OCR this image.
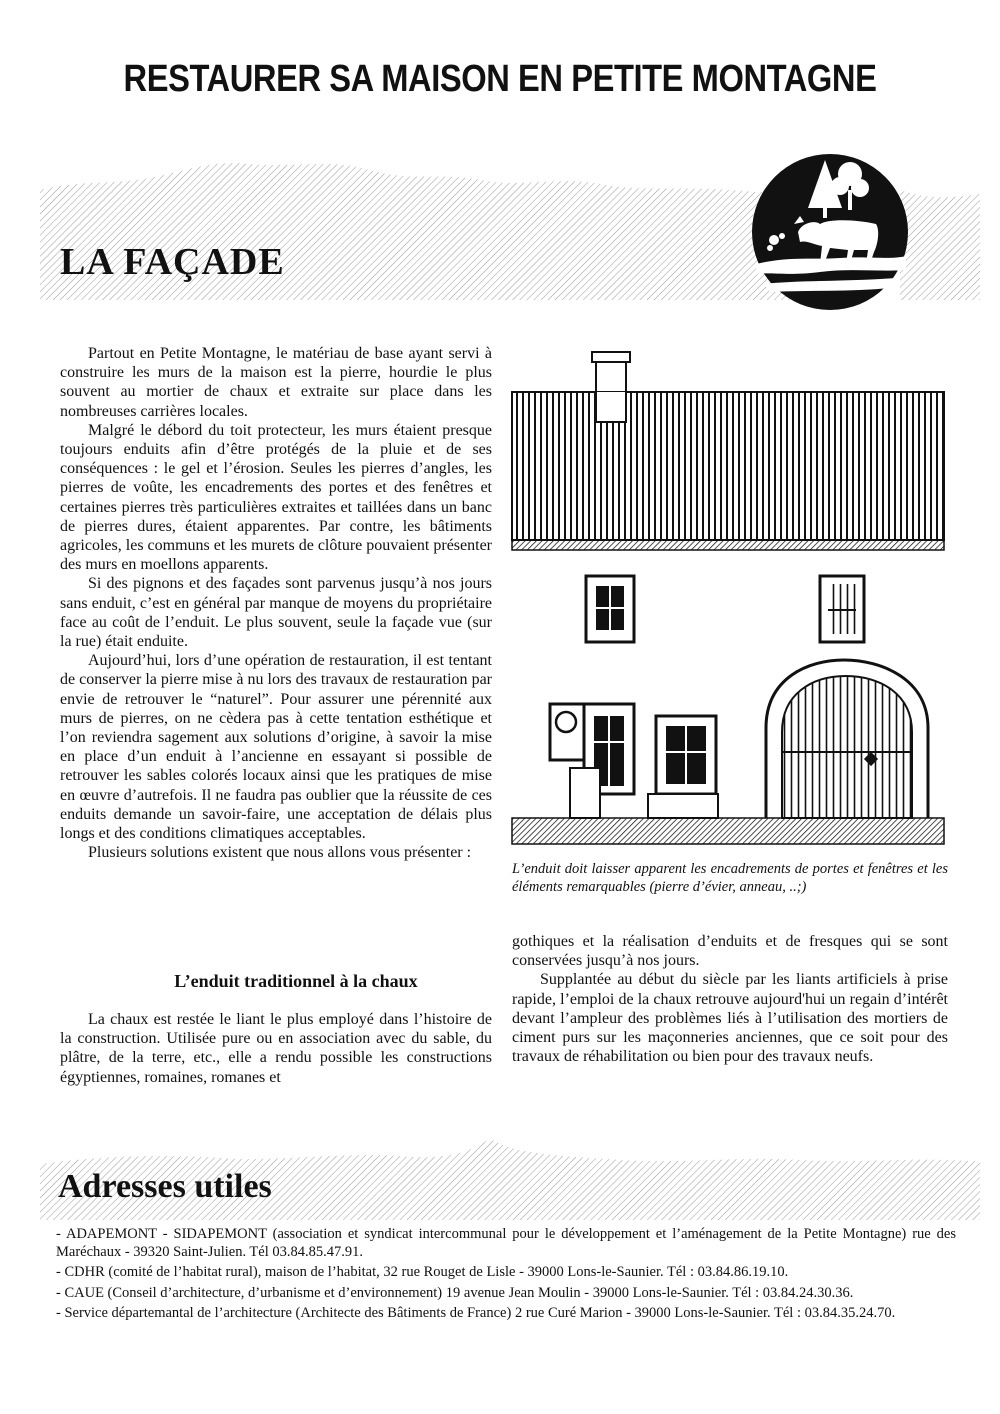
RESTAURER SA MAISON EN PETITE MONTAGNE
LA FAÇADE

Partout en Petite Montagne, le matériau de base ayant servi à construire les murs de la maison est la pierre, hourdie le plus souvent au mortier de chaux et extraite sur place dans les nombreuses carrières locales.

Malgré le débord du toit protecteur, les murs étaient presque toujours enduits afin d’être protégés de la pluie et de ses conséquences : le gel et l’érosion. Seules les pierres d’angles, les pierres de voûte, les encadrements des portes et des fenêtres et certaines pierres très particulières extraites et taillées dans un banc de pierres dures, étaient apparentes. Par contre, les bâtiments agricoles, les communs et les murets de clôture pouvaient présenter des murs en moellons apparents.

Si des pignons et des façades sont parvenus jusqu’à nos jours sans enduit, c’est en général par manque de moyens du propriétaire face au coût de l’enduit. Le plus souvent, seule la façade vue (sur la rue) était enduite.

Aujourd’hui, lors d’une opération de restauration, il est tentant de conserver la pierre mise à nu lors des travaux de restauration par envie de retrouver le “naturel”. Pour assurer une pérennité aux murs de pierres, on ne cèdera pas à cette tentation esthétique et l’on reviendra sagement aux solutions d’origine, à savoir la mise en place d’un enduit à l’ancienne en essayant si possible de retrouver les sables colorés locaux ainsi que les pratiques de mise en œuvre d’autrefois. Il ne faudra pas oublier que la réussite de ces enduits demande un savoir-faire, une acceptation de délais plus longs et des conditions climatiques acceptables.

Plusieurs solutions existent que nous allons vous présenter :

L’enduit traditionnel à la chaux

La chaux est restée le liant le plus employé dans l’histoire de la construction. Utilisée pure ou en association avec du sable, du plâtre, de la terre, etc., elle a rendu possible les constructions égyptiennes, romaines, romanes et

L’enduit doit laisser apparent les encadrements de portes et fenêtres et les éléments remarquables (pierre d’évier, anneau, ..;)

gothiques et la réalisation d’enduits et de fresques qui se sont conservées jusqu’à nos jours.

Supplantée au début du siècle par les liants artificiels à prise rapide, l’emploi de la chaux retrouve aujourd'hui un regain d’intérêt devant l’ampleur des problèmes liés à l’utilisation des mortiers de ciment purs sur les maçonneries anciennes, que ce soit pour des travaux de réhabilitation ou bien pour des travaux neufs.

Adresses utiles

- ADAPEMONT - SIDAPEMONT (association et syndicat intercommunal pour le développement et l’aménagement de la Petite Montagne) rue des Maréchaux - 39320 Saint-Julien. Tél 03.84.85.47.91.

- CDHR (comité de l’habitat rural), maison de l’habitat, 32 rue Rouget de Lisle - 39000 Lons-le-Saunier. Tél : 03.84.86.19.10.

- CAUE (Conseil d’architecture, d’urbanisme et d’environnement) 19 avenue Jean Moulin - 39000 Lons-le-Saunier. Tél : 03.84.24.30.36.

- Service départemantal de l’architecture (Architecte des Bâtiments de France) 2 rue Curé Marion - 39000 Lons-le-Saunier. Tél : 03.84.35.24.70.
